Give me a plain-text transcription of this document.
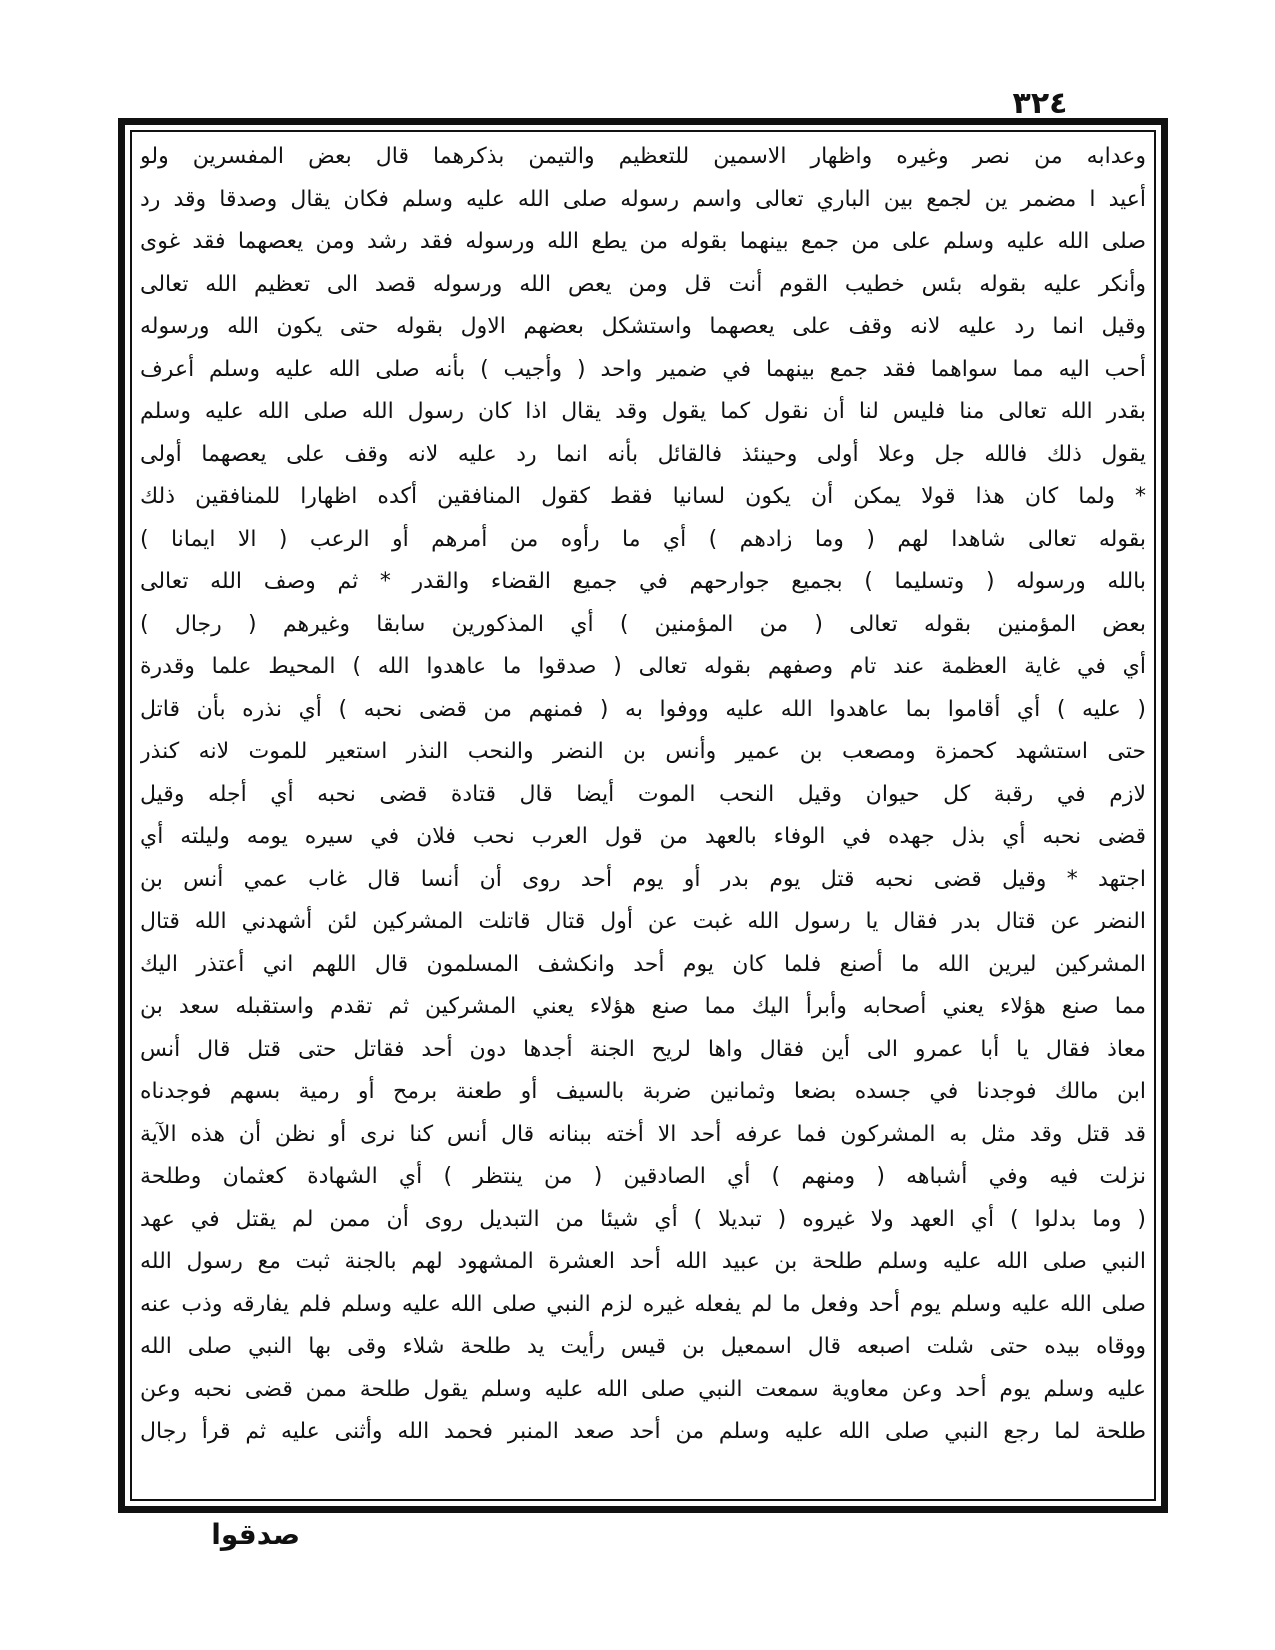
٣٢٤
وعدابه من نصر وغيره واظهار الاسمين للتعظيم والتيمن بذكرهما قال بعض المفسرين ولو
أعيد ا مضمر ين لجمع بين الباري تعالى واسم رسوله صلى الله عليه وسلم فكان يقال وصدقا وقد رد
صلى الله عليه وسلم على من جمع بينهما بقوله من يطع الله ورسوله فقد رشد ومن يعصهما فقد غوى
وأنكر عليه بقوله بئس خطيب القوم أنت قل ومن يعص الله ورسوله قصد الى تعظيم الله تعالى
وقيل انما رد عليه لانه وقف على يعصهما واستشكل بعضهم الاول بقوله حتى يكون الله ورسوله
أحب اليه مما سواهما فقد جمع بينهما في ضمير واحد ( وأجيب ) بأنه صلى الله عليه وسلم أعرف
بقدر الله تعالى منا فليس لنا أن نقول كما يقول وقد يقال اذا كان رسول الله صلى الله عليه وسلم
يقول ذلك فالله جل وعلا أولى وحينئذ فالقائل بأنه انما رد عليه لانه وقف على يعصهما أولى
* ولما كان هذا قولا يمكن أن يكون لسانيا فقط كقول المنافقين أكده اظهارا للمنافقين ذلك
بقوله تعالى شاهدا لهم ( وما زادهم ) أي ما رأوه من أمرهم أو الرعب ( الا ايمانا )
بالله ورسوله ( وتسليما ) بجميع جوارحهم في جميع القضاء والقدر * ثم وصف الله تعالى
بعض المؤمنين بقوله تعالى ( من المؤمنين ) أي المذكورين سابقا وغيرهم ( رجال )
أي في غاية العظمة عند تام وصفهم بقوله تعالى ( صدقوا ما عاهدوا الله ) المحيط علما وقدرة
( عليه ) أي أقاموا بما عاهدوا الله عليه ووفوا به ( فمنهم من قضى نحبه ) أي نذره بأن قاتل
حتى استشهد كحمزة ومصعب بن عمير وأنس بن النضر والنحب النذر استعير للموت لانه كنذر
لازم في رقبة كل حيوان وقيل النحب الموت أيضا قال قتادة قضى نحبه أي أجله وقيل
قضى نحبه أي بذل جهده في الوفاء بالعهد من قول العرب نحب فلان في سيره يومه وليلته أي
اجتهد * وقيل قضى نحبه قتل يوم بدر أو يوم أحد روى أن أنسا قال غاب عمي أنس بن
النضر عن قتال بدر فقال يا رسول الله غبت عن أول قتال قاتلت المشركين لئن أشهدني الله قتال
المشركين ليرين الله ما أصنع فلما كان يوم أحد وانكشف المسلمون قال اللهم اني أعتذر اليك
مما صنع هؤلاء يعني أصحابه وأبرأ اليك مما صنع هؤلاء يعني المشركين ثم تقدم واستقبله سعد بن
معاذ فقال يا أبا عمرو الى أين فقال واها لريح الجنة أجدها دون أحد فقاتل حتى قتل قال أنس
ابن مالك فوجدنا في جسده بضعا وثمانين ضربة بالسيف أو طعنة برمح أو رمية بسهم فوجدناه
قد قتل وقد مثل به المشركون فما عرفه أحد الا أخته ببنانه قال أنس كنا نرى أو نظن أن هذه الآية
نزلت فيه وفي أشباهه ( ومنهم ) أي الصادقين ( من ينتظر ) أي الشهادة كعثمان وطلحة
( وما بدلوا ) أي العهد ولا غيروه ( تبديلا ) أي شيئا من التبديل روى أن ممن لم يقتل في عهد
النبي صلى الله عليه وسلم طلحة بن عبيد الله أحد العشرة المشهود لهم بالجنة ثبت مع رسول الله
صلى الله عليه وسلم يوم أحد وفعل ما لم يفعله غيره لزم النبي صلى الله عليه وسلم فلم يفارقه وذب عنه
ووقاه بيده حتى شلت اصبعه قال اسمعيل بن قيس رأيت يد طلحة شلاء وقى بها النبي صلى الله
عليه وسلم يوم أحد وعن معاوية سمعت النبي صلى الله عليه وسلم يقول طلحة ممن قضى نحبه وعن
طلحة لما رجع النبي صلى الله عليه وسلم من أحد صعد المنبر فحمد الله وأثنى عليه ثم قرأ رجال
صدقوا
